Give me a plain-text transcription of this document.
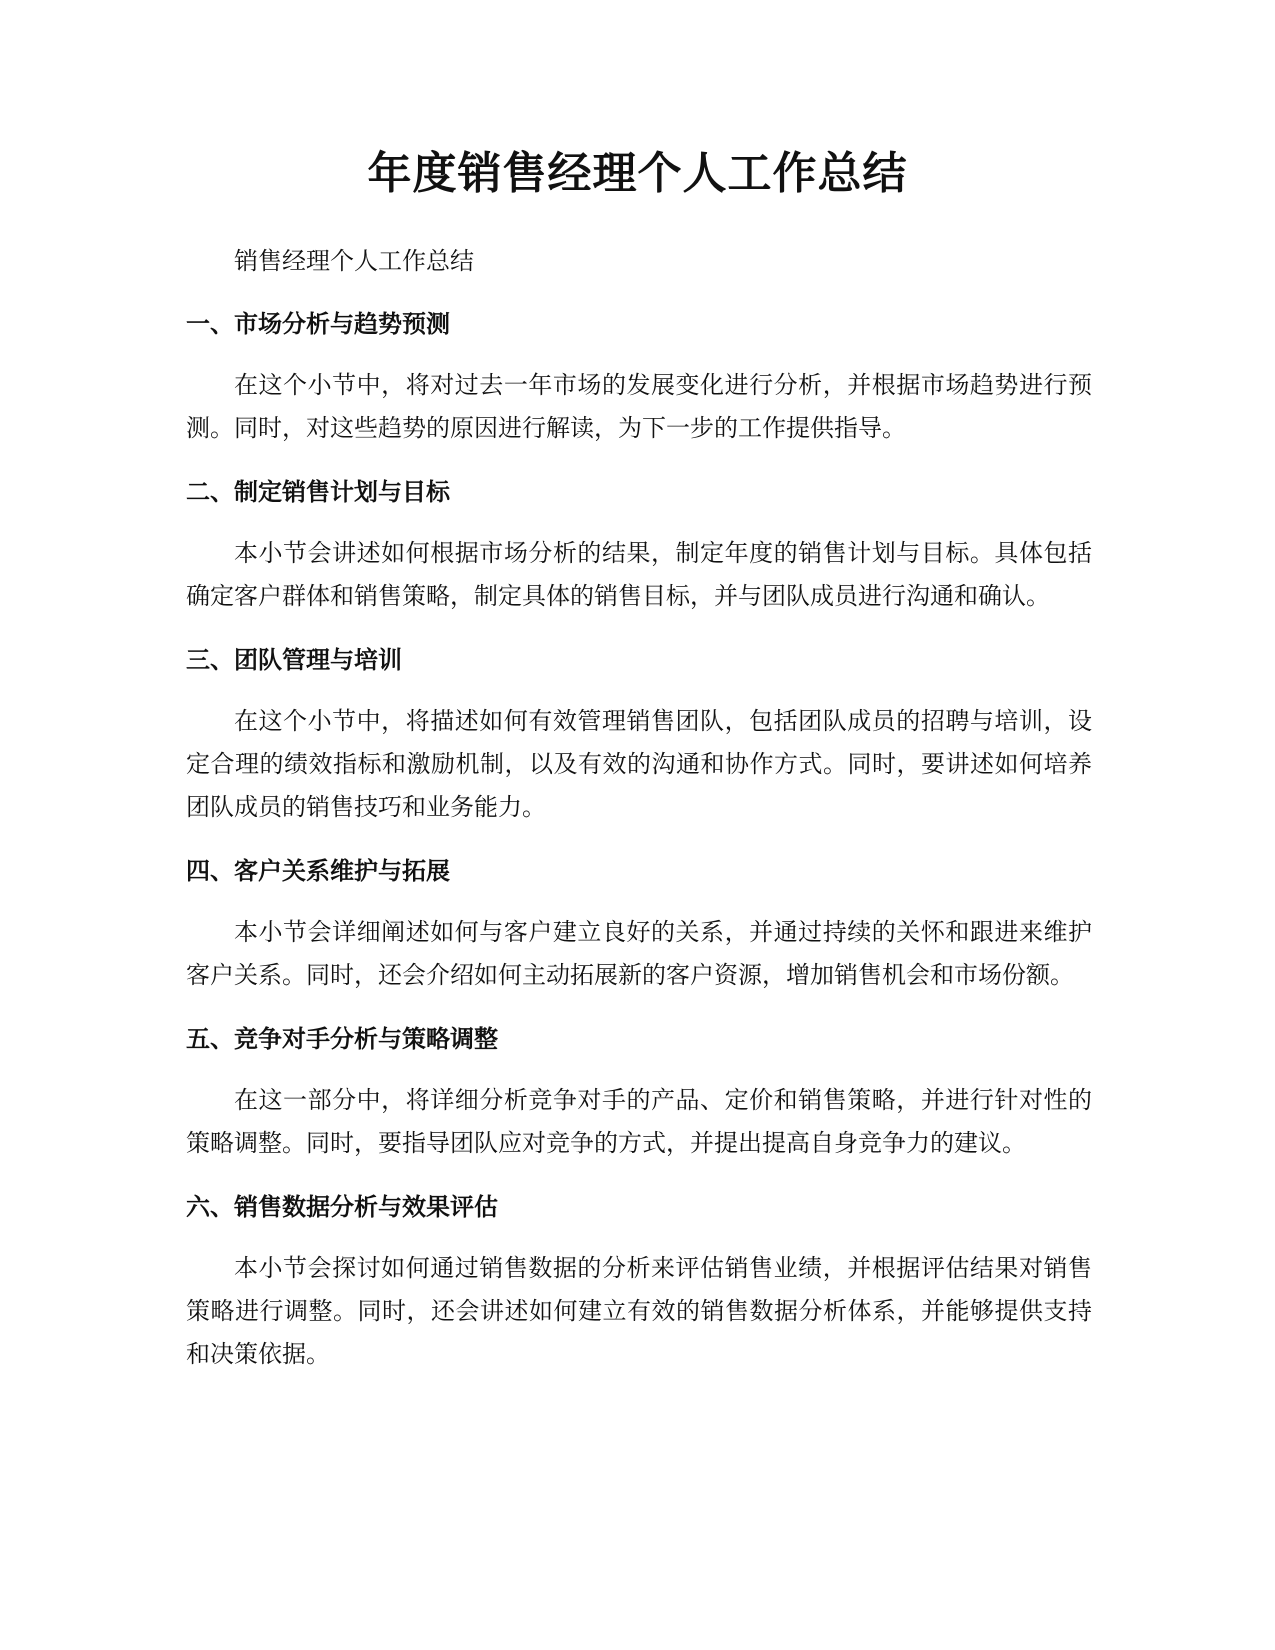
年度销售经理个人工作总结

销售经理个人工作总结

一、市场分析与趋势预测

在这个小节中，将对过去一年市场的发展变化进行分析，并根据市场趋势进行预测。同时，对这些趋势的原因进行解读，为下一步的工作提供指导。

二、制定销售计划与目标

本小节会讲述如何根据市场分析的结果，制定年度的销售计划与目标。具体包括确定客户群体和销售策略，制定具体的销售目标，并与团队成员进行沟通和确认。

三、团队管理与培训

在这个小节中，将描述如何有效管理销售团队，包括团队成员的招聘与培训，设定合理的绩效指标和激励机制，以及有效的沟通和协作方式。同时，要讲述如何培养团队成员的销售技巧和业务能力。

四、客户关系维护与拓展

本小节会详细阐述如何与客户建立良好的关系，并通过持续的关怀和跟进来维护客户关系。同时，还会介绍如何主动拓展新的客户资源，增加销售机会和市场份额。

五、竞争对手分析与策略调整

在这一部分中，将详细分析竞争对手的产品、定价和销售策略，并进行针对性的策略调整。同时，要指导团队应对竞争的方式，并提出提高自身竞争力的建议。

六、销售数据分析与效果评估

本小节会探讨如何通过销售数据的分析来评估销售业绩，并根据评估结果对销售策略进行调整。同时，还会讲述如何建立有效的销售数据分析体系，并能够提供支持和决策依据。
